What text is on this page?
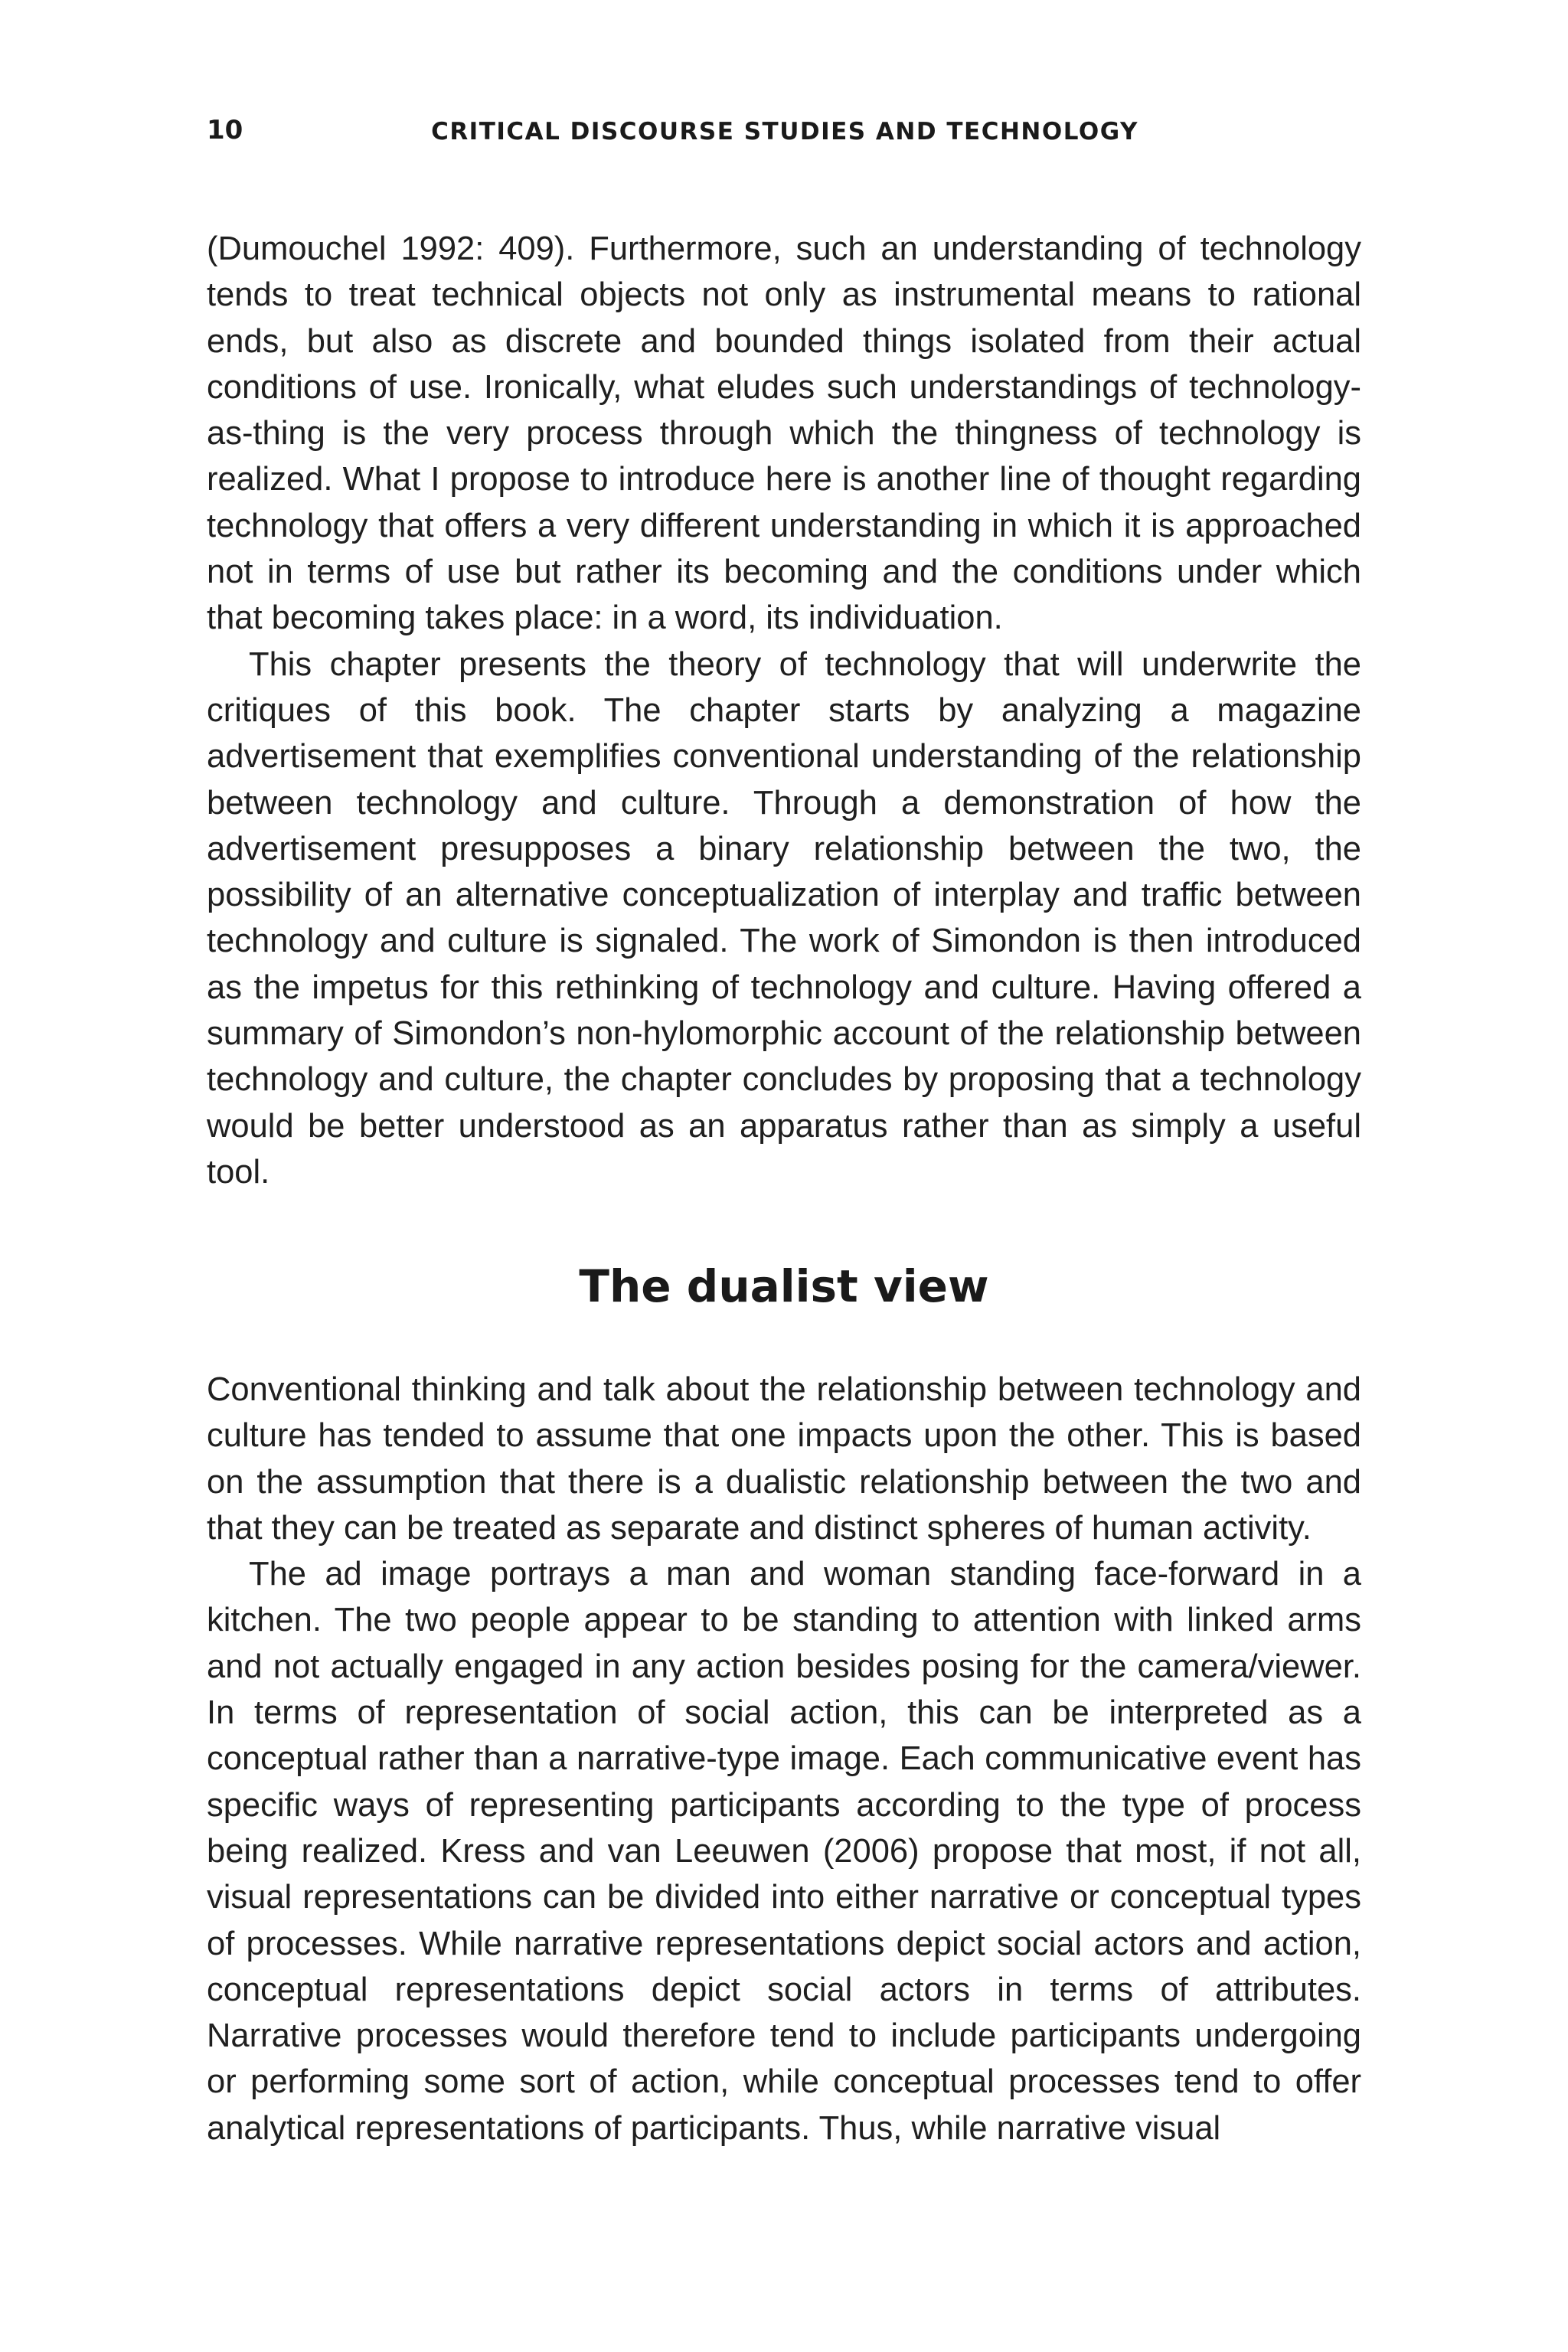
10	CRITICAL DISCOURSE STUDIES AND TECHNOLOGY

(Dumouchel 1992: 409). Furthermore, such an understanding of technology tends to treat technical objects not only as instrumental means to rational ends, but also as discrete and bounded things isolated from their actual conditions of use. Ironically, what eludes such understandings of technology-as-thing is the very process through which the thingness of technology is realized. What I propose to introduce here is another line of thought regarding technology that offers a very different understanding in which it is approached not in terms of use but rather its becoming and the conditions under which that becoming takes place: in a word, its individuation.

This chapter presents the theory of technology that will underwrite the critiques of this book. The chapter starts by analyzing a magazine advertisement that exemplifies conventional understanding of the relationship between technology and culture. Through a demonstration of how the advertisement presupposes a binary relationship between the two, the possibility of an alternative conceptualization of interplay and traffic between technology and culture is signaled. The work of Simondon is then introduced as the impetus for this rethinking of technology and culture. Having offered a summary of Simondon’s non-hylomorphic account of the relationship between technology and culture, the chapter concludes by proposing that a technology would be better understood as an apparatus rather than as simply a useful tool.

The dualist view

Conventional thinking and talk about the relationship between technology and culture has tended to assume that one impacts upon the other. This is based on the assumption that there is a dualistic relationship between the two and that they can be treated as separate and distinct spheres of human activity.

The ad image portrays a man and woman standing face-forward in a kitchen. The two people appear to be standing to attention with linked arms and not actually engaged in any action besides posing for the camera/viewer. In terms of representation of social action, this can be interpreted as a conceptual rather than a narrative-type image. Each communicative event has specific ways of representing participants according to the type of process being realized. Kress and van Leeuwen (2006) propose that most, if not all, visual representations can be divided into either narrative or conceptual types of processes. While narrative representations depict social actors and action, conceptual representations depict social actors in terms of attributes. Narrative processes would therefore tend to include participants undergoing or performing some sort of action, while conceptual processes tend to offer analytical representations of participants. Thus, while narrative visual
